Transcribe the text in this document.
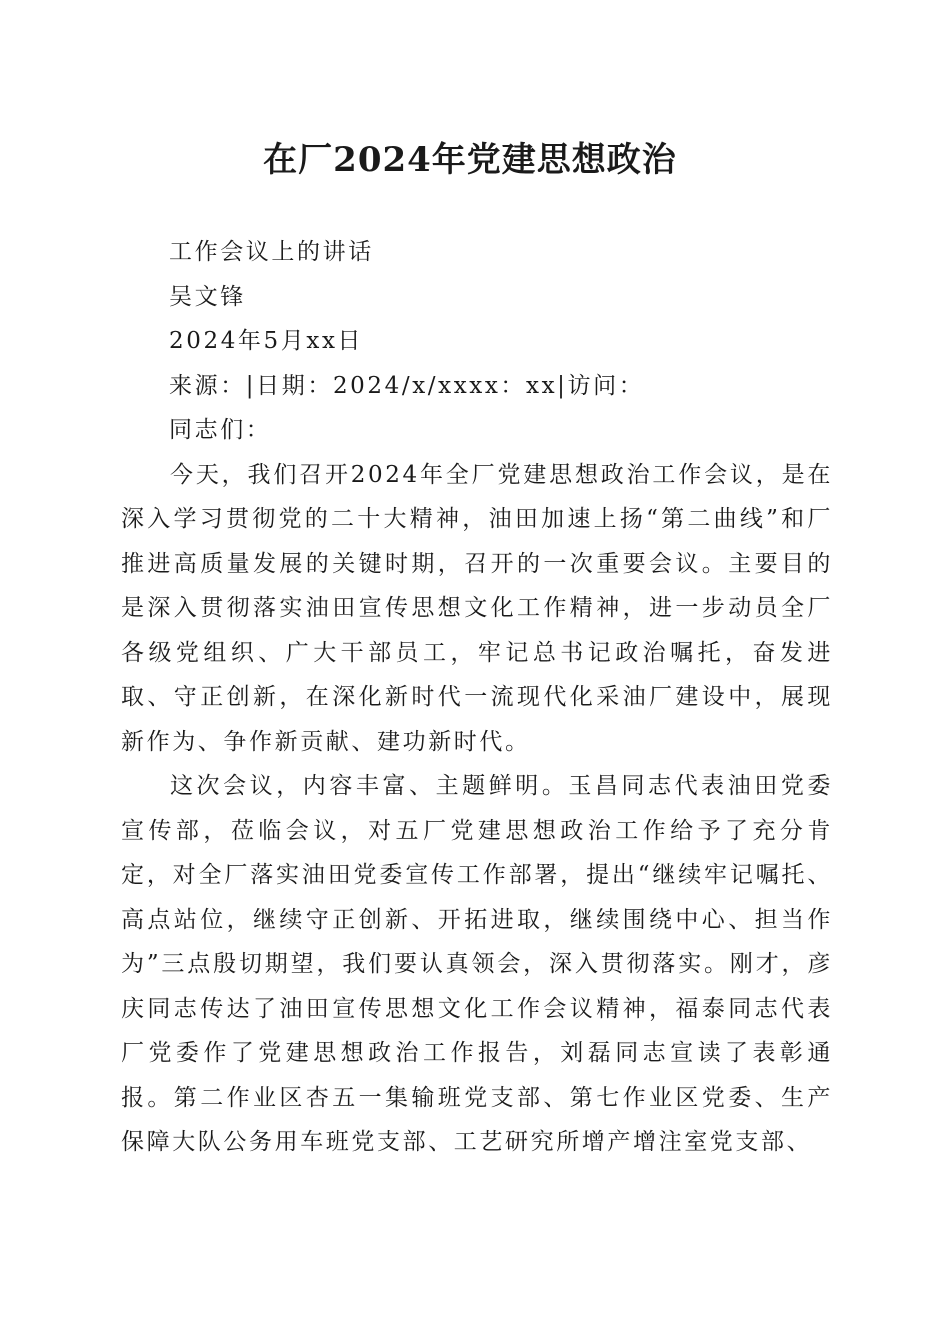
在厂2024年党建思想政治

工作会议上的讲话

吴文锋

2024年5月xx日

来源：|日期：2024/x/xxxx：xx|访问：

同志们：

今天，我们召开2024年全厂党建思想政治工作会议，是在深入学习贯彻党的二十大精神，油田加速上扬“第二曲线”和厂推进高质量发展的关键时期，召开的一次重要会议。主要目的是深入贯彻落实油田宣传思想文化工作精神，进一步动员全厂各级党组织、广大干部员工，牢记总书记政治嘱托，奋发进取、守正创新，在深化新时代一流现代化采油厂建设中，展现新作为、争作新贡献、建功新时代。

这次会议，内容丰富、主题鲜明。玉昌同志代表油田党委宣传部，莅临会议，对五厂党建思想政治工作给予了充分肯定，对全厂落实油田党委宣传工作部署，提出“继续牢记嘱托、高点站位，继续守正创新、开拓进取，继续围绕中心、担当作为”三点殷切期望，我们要认真领会，深入贯彻落实。刚才，彦庆同志传达了油田宣传思想文化工作会议精神，福泰同志代表厂党委作了党建思想政治工作报告，刘磊同志宣读了表彰通报。第二作业区杏五一集输班党支部、第七作业区党委、生产保障大队公务用车班党支部、工艺研究所增产增注室党支部、
